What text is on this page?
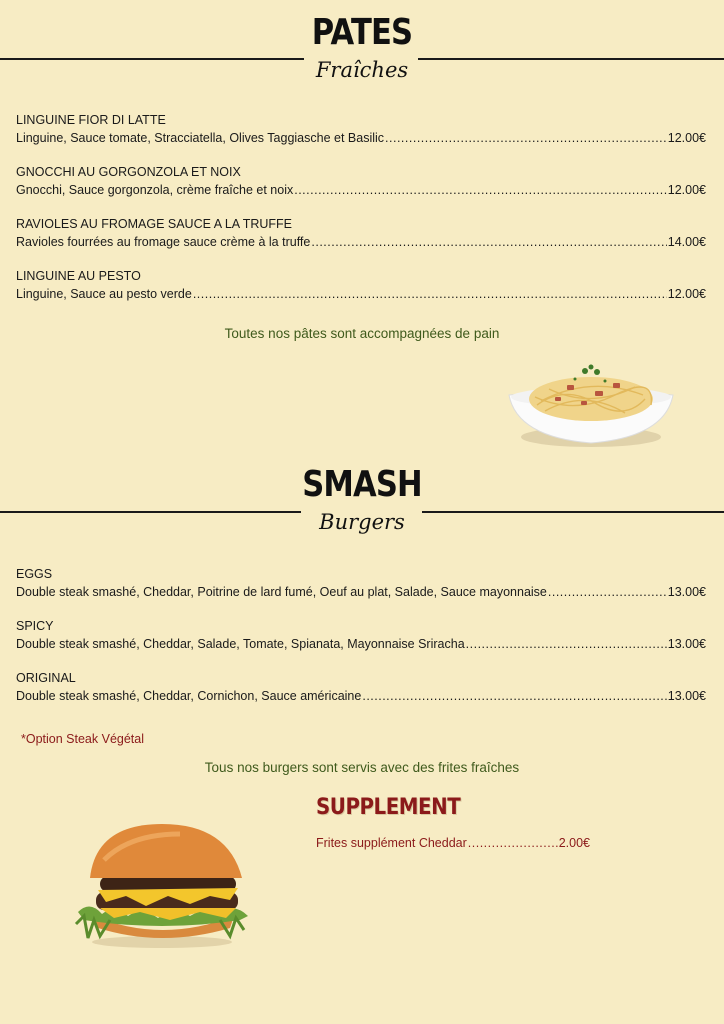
PATES
Fraîches
LINGUINE FIOR DI LATTE
Linguine, Sauce tomate, Stracciatella, Olives Taggiasche et Basilic .....	12.00€
GNOCCHI AU GORGONZOLA ET NOIX
Gnocchi, Sauce gorgonzola, crème fraîche et noix .....	12.00€
RAVIOLES AU FROMAGE SAUCE A LA TRUFFE
Ravioles fourrées au fromage sauce crème à la truffe .....	14.00€
LINGUINE AU PESTO
Linguine, Sauce au pesto verde .....	12.00€
Toutes nos pâtes sont accompagnées de pain
SMASH
Burgers
EGGS
Double steak smashé, Cheddar, Poitrine de lard fumé, Oeuf au plat, Salade, Sauce mayonnaise .....	13.00€
SPICY
Double steak smashé, Cheddar, Salade, Tomate, Spianata, Mayonnaise Sriracha .....	13.00€
ORIGINAL
Double steak smashé, Cheddar, Cornichon, Sauce américaine .....	13.00€
*Option Steak Végétal
Tous nos burgers sont servis avec des frites fraîches
SUPPLEMENT
Frites supplément Cheddar .....	2.00€
